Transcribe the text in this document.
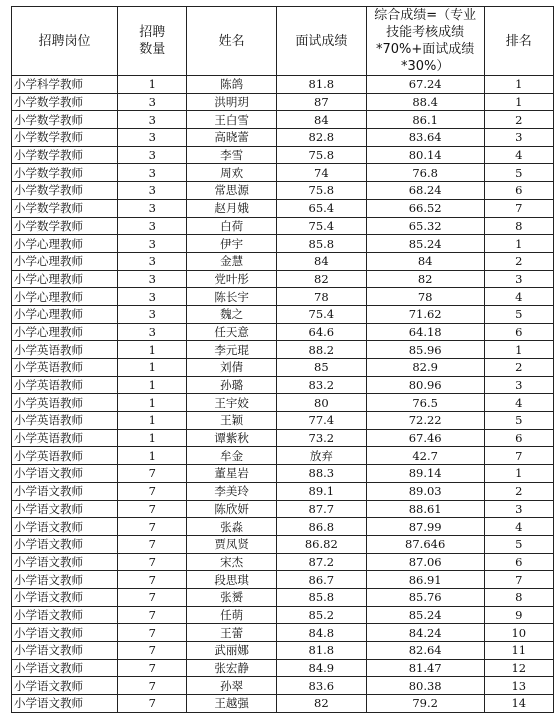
招聘岗位	招聘数量	姓名	面试成绩	综合成绩=（专业技能考核成绩*70%+面试成绩*30%）	排名
小学科学教师	1	陈鸽	81.8	67.24	1
小学数学教师	3	洪明玥	87	88.4	1
小学数学教师	3	王白雪	84	86.1	2
小学数学教师	3	高晓蕾	82.8	83.64	3
小学数学教师	3	李雪	75.8	80.14	4
小学数学教师	3	周欢	74	76.8	5
小学数学教师	3	常思源	75.8	68.24	6
小学数学教师	3	赵月娥	65.4	66.52	7
小学数学教师	3	白荷	75.4	65.32	8
小学心理教师	3	伊宇	85.8	85.24	1
小学心理教师	3	金慧	84	84	2
小学心理教师	3	党叶彤	82	82	3
小学心理教师	3	陈长宇	78	78	4
小学心理教师	3	魏之	75.4	71.62	5
小学心理教师	3	任天意	64.6	64.18	6
小学英语教师	1	李元琨	88.2	85.96	1
小学英语教师	1	刘倩	85	82.9	2
小学英语教师	1	孙璐	83.2	80.96	3
小学英语教师	1	王宇姣	80	76.5	4
小学英语教师	1	王颖	77.4	72.22	5
小学英语教师	1	谭紫秋	73.2	67.46	6
小学英语教师	1	牟金	放弃	42.7	7
小学语文教师	7	董星岩	88.3	89.14	1
小学语文教师	7	李美玲	89.1	89.03	2
小学语文教师	7	陈欣妍	87.7	88.61	3
小学语文教师	7	张淼	86.8	87.99	4
小学语文教师	7	贾凤贤	86.82	87.646	5
小学语文教师	7	宋杰	87.2	87.06	6
小学语文教师	7	段思琪	86.7	86.91	7
小学语文教师	7	张赟	85.8	85.76	8
小学语文教师	7	任萌	85.2	85.24	9
小学语文教师	7	王蕾	84.8	84.24	10
小学语文教师	7	武丽娜	81.8	82.64	11
小学语文教师	7	张宏静	84.9	81.47	12
小学语文教师	7	孙翠	83.6	80.38	13
小学语文教师	7	王越强	82	79.2	14
